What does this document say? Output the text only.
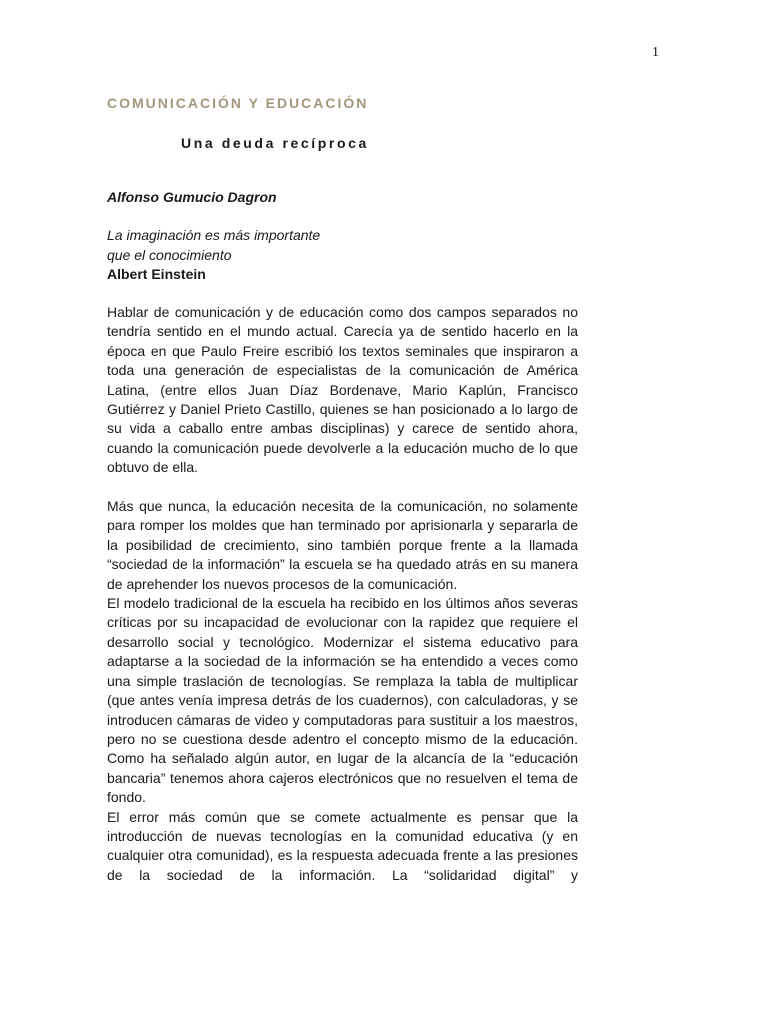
1
COMUNICACIÓN Y EDUCACIÓN
Una deuda recíproca
Alfonso Gumucio Dagron
La imaginación es más importante
que el conocimiento
Albert Einstein

Hablar de comunicación y de educación como dos campos separados no tendría sentido en el mundo actual. Carecía ya de sentido hacerlo en la época en que Paulo Freire escribió los textos seminales que inspiraron a toda una generación de especialistas de la comunicación de América Latina, (entre ellos Juan Díaz Bordenave, Mario Kaplún, Francisco Gutiérrez y Daniel Prieto Castillo, quienes se han posicionado a lo largo de su vida a caballo entre ambas disciplinas) y carece de sentido ahora, cuando la comunicación puede devolverle a la educación mucho de lo que obtuvo de ella.

Más que nunca, la educación necesita de la comunicación, no solamente para romper los moldes que han terminado por aprisionarla y separarla de la posibilidad de crecimiento, sino también porque frente a la llamada “sociedad de la información” la escuela se ha quedado atrás en su manera de aprehender los nuevos procesos de la comunicación.

El modelo tradicional de la escuela ha recibido en los últimos años severas críticas por su incapacidad de evolucionar con la rapidez que requiere el desarrollo social y tecnológico. Modernizar el sistema educativo para adaptarse a la sociedad de la información se ha entendido a veces como una simple traslación de tecnologías. Se remplaza la tabla de multiplicar (que antes venía impresa detrás de los cuadernos), con calculadoras, y se introducen cámaras de video y computadoras para sustituir a los maestros, pero no se cuestiona desde adentro el concepto mismo de la educación. Como ha señalado algún autor, en lugar de la alcancía de la “educación bancaria” tenemos ahora cajeros electrónicos que no resuelven el tema de fondo.

El error más común que se comete actualmente es pensar que la introducción de nuevas tecnologías en la comunidad educativa (y en cualquier otra comunidad), es la respuesta adecuada frente a las presiones de la sociedad de la información. La “solidaridad digital” y
